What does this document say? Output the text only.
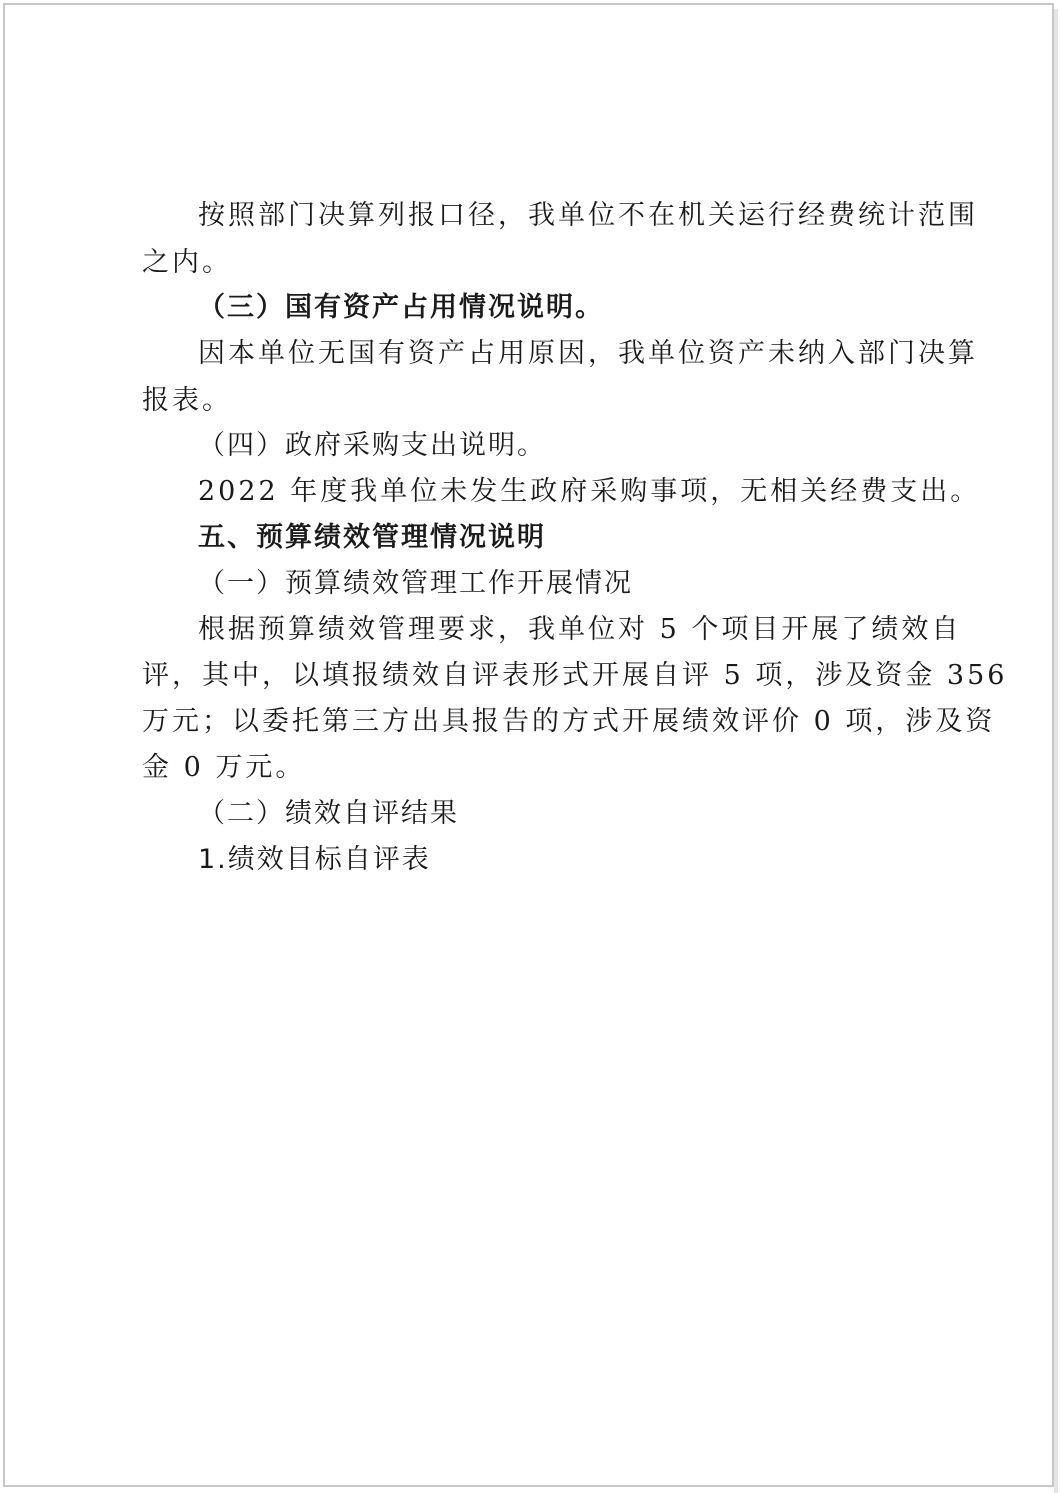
按照部门决算列报口径，我单位不在机关运行经费统计范围
之内。
（三）国有资产占用情况说明。
因本单位无国有资产占用原因，我单位资产未纳入部门决算
报表。
（四）政府采购支出说明。
2022 年度我单位未发生政府采购事项，无相关经费支出。
五、预算绩效管理情况说明
（一）预算绩效管理工作开展情况
根据预算绩效管理要求，我单位对 5 个项目开展了绩效自
评，其中，以填报绩效自评表形式开展自评 5 项，涉及资金 356
万元；以委托第三方出具报告的方式开展绩效评价 0 项，涉及资
金 0 万元。
（二）绩效自评结果
1.绩效目标自评表
